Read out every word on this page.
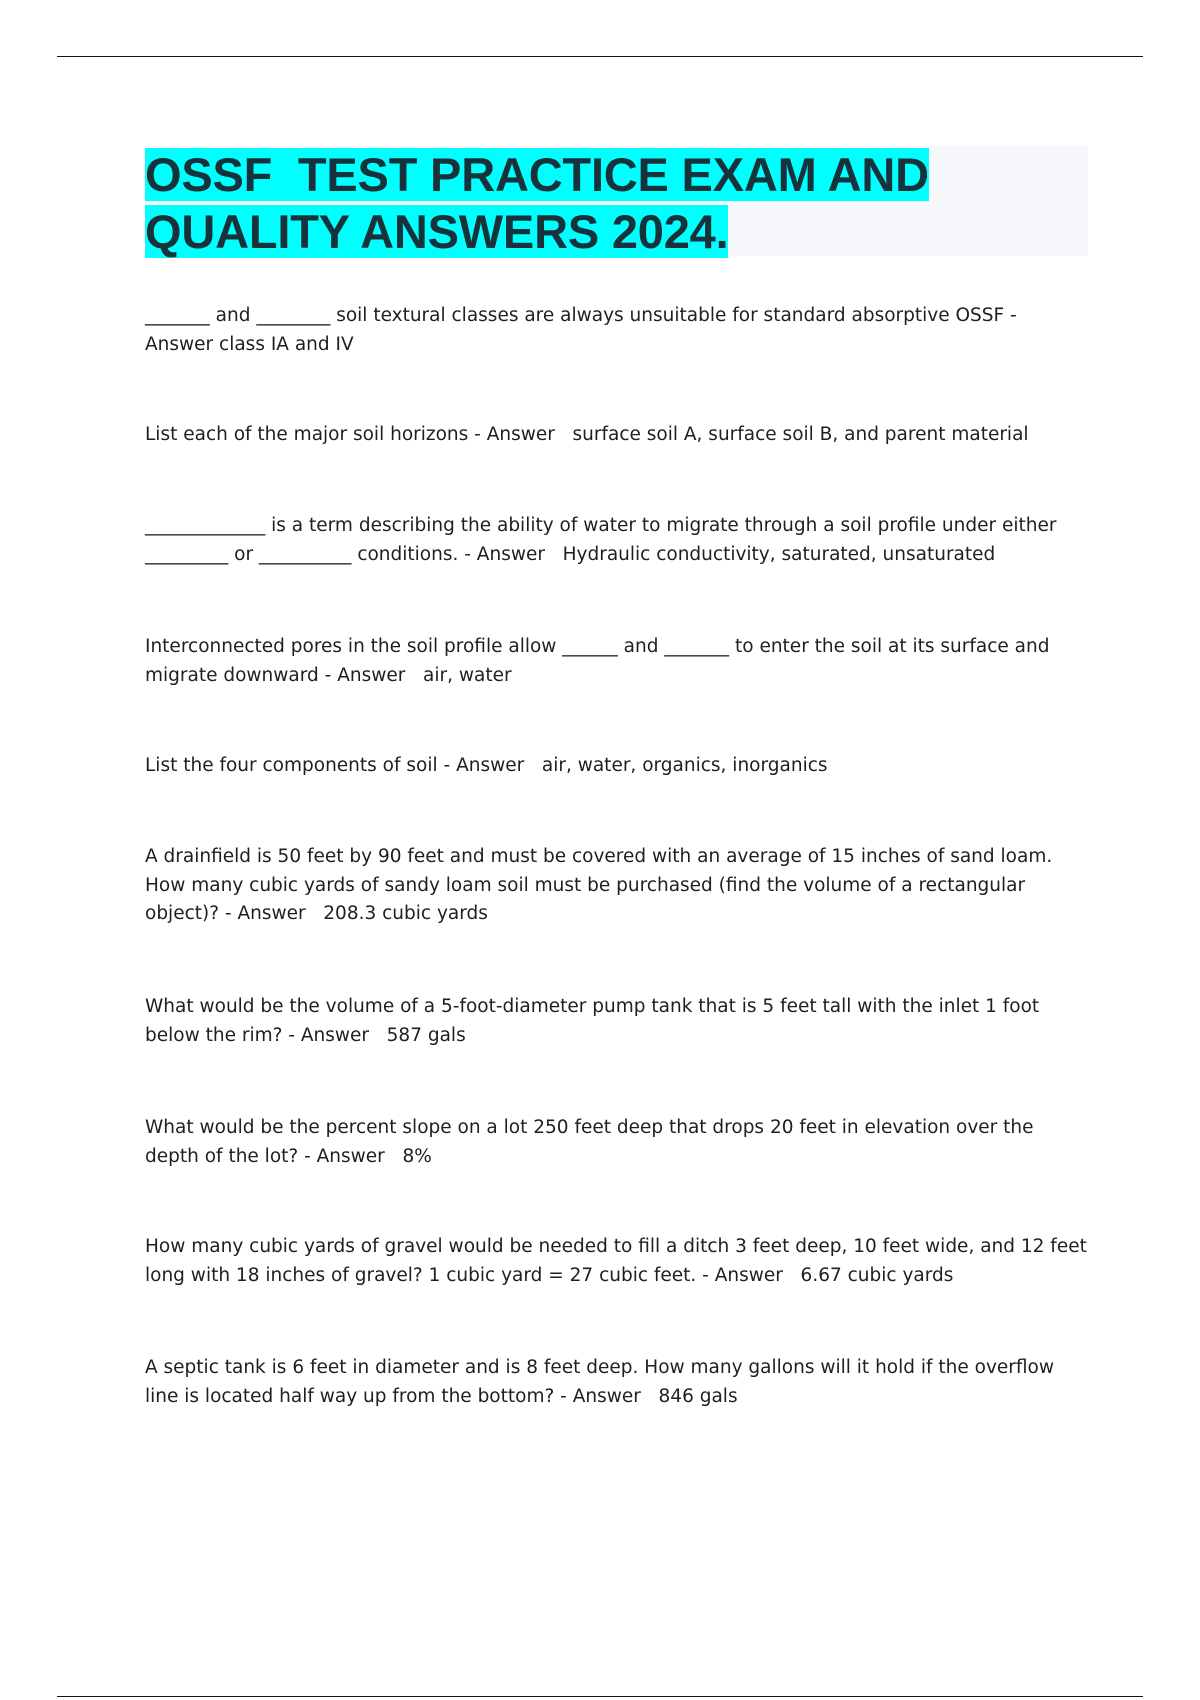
OSSF  TEST PRACTICE EXAM AND
QUALITY ANSWERS 2024.
_______ and ________ soil textural classes are always unsuitable for standard absorptive OSSF - Answer class IA and IV
List each of the major soil horizons - Answer surface soil A, surface soil B, and parent material
_____________ is a term describing the ability of water to migrate through a soil profile under either _________ or __________ conditions. - Answer Hydraulic conductivity, saturated, unsaturated
Interconnected pores in the soil profile allow ______ and _______ to enter the soil at its surface and migrate downward - Answer air, water
List the four components of soil - Answer air, water, organics, inorganics
A drainfield is 50 feet by 90 feet and must be covered with an average of 15 inches of sand loam. How many cubic yards of sandy loam soil must be purchased (find the volume of a rectangular object)? - Answer 208.3 cubic yards
What would be the volume of a 5-foot-diameter pump tank that is 5 feet tall with the inlet 1 foot below the rim? - Answer 587 gals
What would be the percent slope on a lot 250 feet deep that drops 20 feet in elevation over the depth of the lot? - Answer 8%
How many cubic yards of gravel would be needed to fill a ditch 3 feet deep, 10 feet wide, and 12 feet long with 18 inches of gravel? 1 cubic yard = 27 cubic feet. - Answer 6.67 cubic yards
A septic tank is 6 feet in diameter and is 8 feet deep. How many gallons will it hold if the overflow line is located half way up from the bottom? - Answer 846 gals
